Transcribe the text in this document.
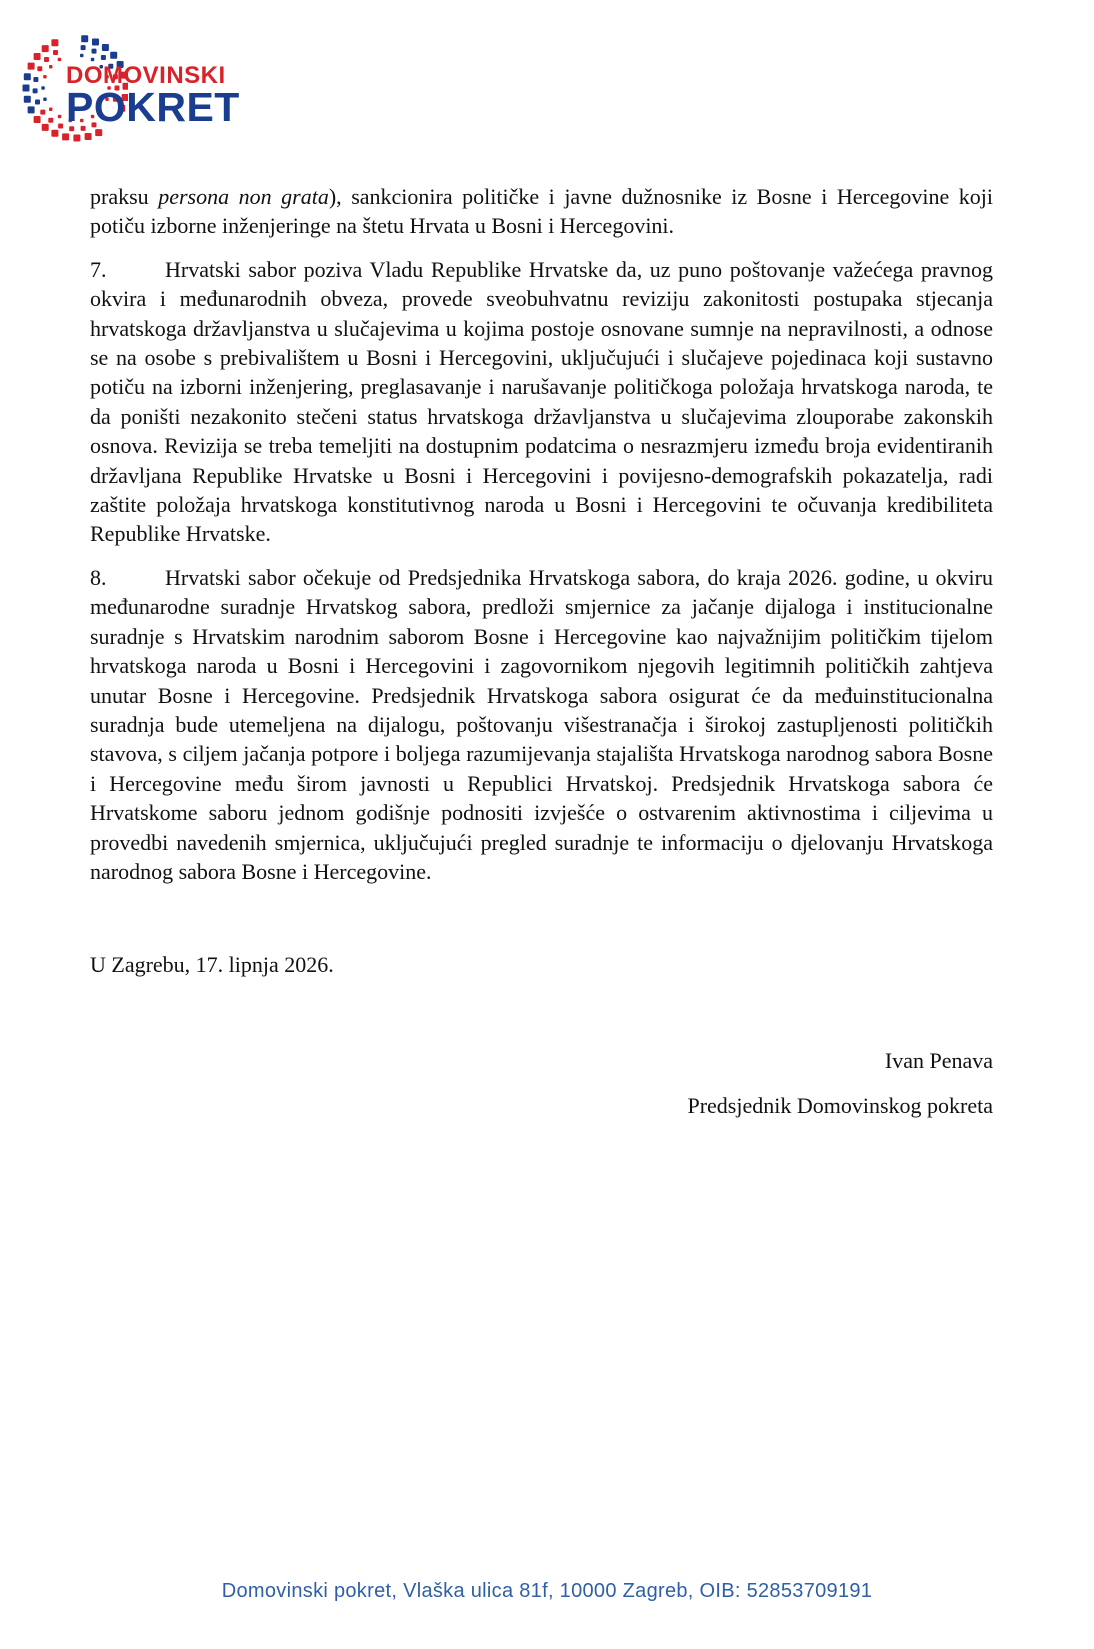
DOMOVINSKI
POKRET

praksu persona non grata), sankcionira političke i javne dužnosnike iz Bosne i Hercegovine koji potiču izborne inženjeringe na štetu Hrvata u Bosni i Hercegovini.

7.	Hrvatski sabor poziva Vladu Republike Hrvatske da, uz puno poštovanje važećega pravnog okvira i međunarodnih obveza, provede sveobuhvatnu reviziju zakonitosti postupaka stjecanja hrvatskoga državljanstva u slučajevima u kojima postoje osnovane sumnje na nepravilnosti, a odnose se na osobe s prebivalištem u Bosni i Hercegovini, uključujući i slučajeve pojedinaca koji sustavno potiču na izborni inženjering, preglasavanje i narušavanje političkoga položaja hrvatskoga naroda, te da poništi nezakonito stečeni status hrvatskoga državljanstva u slučajevima zlouporabe zakonskih osnova. Revizija se treba temeljiti na dostupnim podatcima o nesrazmjeru između broja evidentiranih državljana Republike Hrvatske u Bosni i Hercegovini i povijesno-demografskih pokazatelja, radi zaštite položaja hrvatskoga konstitutivnog naroda u Bosni i Hercegovini te očuvanja kredibiliteta Republike Hrvatske.

8.	Hrvatski sabor očekuje od Predsjednika Hrvatskoga sabora, do kraja 2026. godine, u okviru međunarodne suradnje Hrvatskog sabora, predloži smjernice za jačanje dijaloga i institucionalne suradnje s Hrvatskim narodnim saborom Bosne i Hercegovine kao najvažnijim političkim tijelom hrvatskoga naroda u Bosni i Hercegovini i zagovornikom njegovih legitimnih političkih zahtjeva unutar Bosne i Hercegovine. Predsjednik Hrvatskoga sabora osigurat će da međuinstitucionalna suradnja bude utemeljena na dijalogu, poštovanju višestranačja i širokoj zastupljenosti političkih stavova, s ciljem jačanja potpore i boljega razumijevanja stajališta Hrvatskoga narodnog sabora Bosne i Hercegovine među širom javnosti u Republici Hrvatskoj. Predsjednik Hrvatskoga sabora će Hrvatskome saboru jednom godišnje podnositi izvješće o ostvarenim aktivnostima i ciljevima u provedbi navedenih smjernica, uključujući pregled suradnje te informaciju o djelovanju Hrvatskoga narodnog sabora Bosne i Hercegovine.

U Zagrebu, 17. lipnja 2026.
Ivan Penava
Predsjednik Domovinskog pokreta
Domovinski pokret, Vlaška ulica 81f, 10000 Zagreb, OIB: 52853709191
